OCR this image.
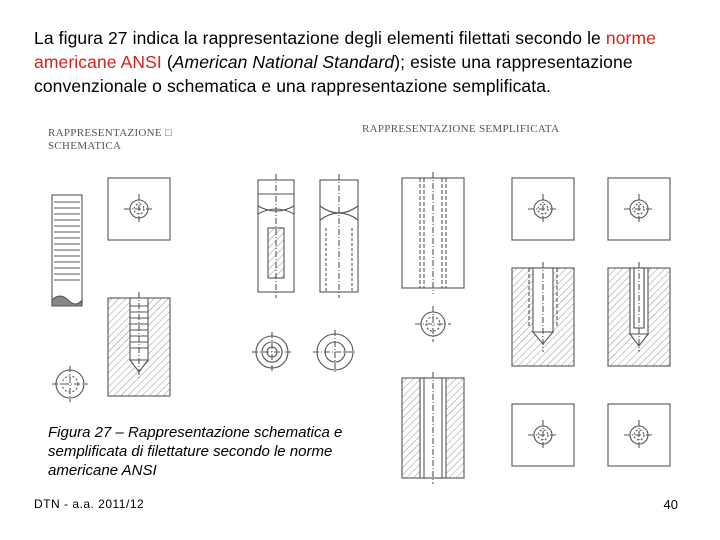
La figura 27 indica la rappresentazione degli elementi filettati secondo le norme americane ANSI (American National Standard); esiste una rappresentazione convenzionale o schematica e una rappresentazione semplificata.
RAPPRESENTAZIONE □
SCHEMATICA
RAPPRESENTAZIONE SEMPLIFICATA
Figura 27 – Rappresentazione schematica e semplificata di filettature secondo le norme americane ANSI
DTN - a.a. 2011/12	40
